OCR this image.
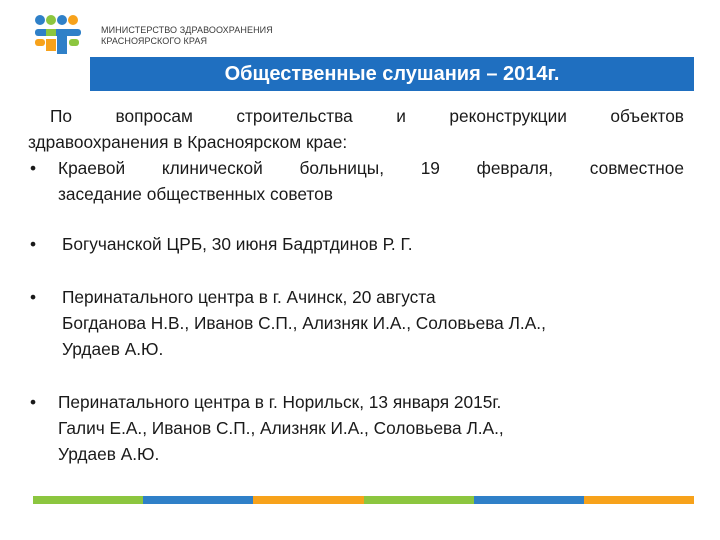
МИНИСТЕРСТВО ЗДРАВООХРАНЕНИЯ
КРАСНОЯРСКОГО КРАЯ
Общественные слушания – 2014г.
По вопросам строительства и реконструкции объектов
здравоохранения в Красноярском крае:
• Краевой клинической больницы, 19 февраля, совместное
заседание общественных советов
• Богучанской ЦРБ, 30 июня Бадртдинов Р. Г.
• Перинатального центра в г. Ачинск, 20 августа
Богданова Н.В., Иванов С.П., Ализняк И.А., Соловьева Л.А.,
Урдаев А.Ю.
• Перинатального центра в г. Норильск, 13 января 2015г.
Галич Е.А., Иванов С.П., Ализняк И.А., Соловьева Л.А.,
Урдаев А.Ю.
